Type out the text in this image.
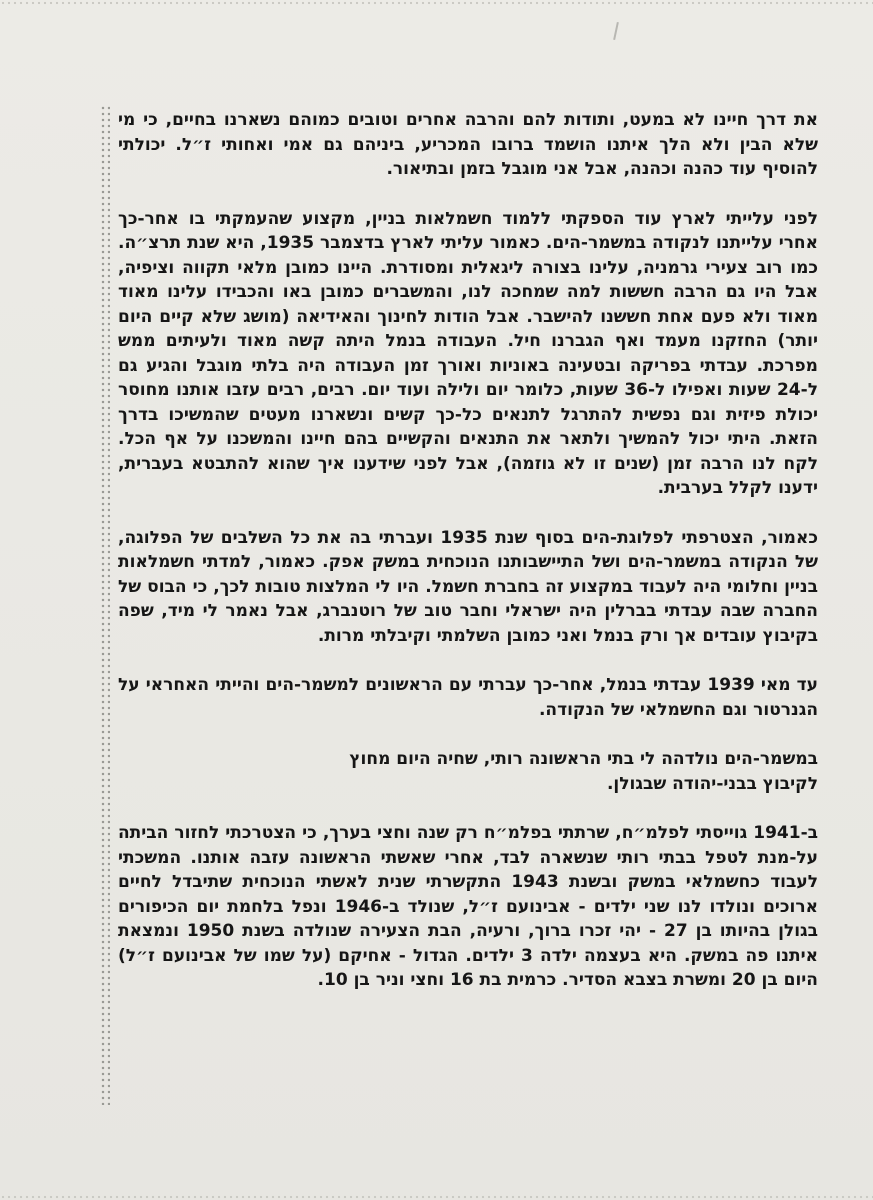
את דרך חיינו לא במעט, ותודות להם והרבה אחרים וטובים כמוהם נשארנו בחיים, כי מי שלא הבין ולא הלך איתנו הושמד ברובו המכריע, ביניהם גם אמי ואחותי ז״ל. יכולתי להוסיף עוד כהנה וכהנה, אבל אני מוגבל בזמן ובתיאור.

לפני עלייתי לארץ עוד הספקתי ללמוד חשמלאות בניין, מקצוע שהעמקתי בו אחר-כך אחרי עלייתנו לנקודה במשמר-הים. כאמור עליתי לארץ בדצמבר 1935, היא שנת תרצ״ה. כמו רוב צעירי גרמניה, עלינו בצורה ליגאלית ומסודרת. היינו כמובן מלאי תקווה וציפיה, אבל היו גם הרבה חששות למה שמחכה לנו, והמשברים כמובן באו והכבידו עלינו מאוד מאוד ולא פעם אחת חששנו להישבר. אבל הודות לחינוך והאידיאה (מושג שלא קיים היום יותר) החזקנו מעמד ואף הגברנו חיל. העבודה בנמל היתה קשה מאוד ולעיתים ממש מפרכת. עבדתי בפריקה ובטעינה באוניות ואורך זמן העבודה היה בלתי מוגבל והגיע גם ל-24 שעות ואפילו ל-36 שעות, כלומר יום ולילה ועוד יום. רבים, רבים עזבו אותנו מחוסר יכולת פיזית וגם נפשית להתרגל לתנאים כל-כך קשים ונשארנו מעטים שהמשיכו בדרך הזאת. היתי יכול להמשיך ולתאר את התנאים והקשיים בהם חיינו והמשכנו על אף הכל. לקח לנו הרבה זמן (שנים זו לא גוזמה), אבל לפני שידענו איך שהוא להתבטא בעברית, ידענו לקלל בערבית.

כאמור, הצטרפתי לפלוגת-הים בסוף שנת 1935 ועברתי בה את כל השלבים של הפלוגה, של הנקודה במשמר-הים ושל התיישבותנו הנוכחית במשק אפק. כאמור, למדתי חשמלאות בניין וחלומי היה לעבוד במקצוע זה בחברת חשמל. היו לי המלצות טובות לכך, כי הבוס של החברה שבה עבדתי בברלין היה ישראלי וחבר טוב של רוטנברג, אבל נאמר לי מיד, שפה בקיבוץ עובדים אך ורק בנמל ואני כמובן השלמתי וקיבלתי מרות.

עד מאי 1939 עבדתי בנמל, אחר-כך עברתי עם הראשונים למשמר-הים והייתי האחראי על הגנרטור וגם החשמלאי של הנקודה.

במשמר-הים נולדהה לי בתי הראשונה רותי, שחיה היום מחוץ לקיבוץ בבני-יהודה שבגולן.

ב-1941 גוייסתי לפלמ״ח, שרתתי בפלמ״ח רק שנה וחצי בערך, כי הצטרכתי לחזור הביתה על-מנת לטפל בבתי רותי שנשארה לבד, אחרי שאשתי הראשונה עזבה אותנו. המשכתי לעבוד כחשמלאי במשק ובשנת 1943 התקשרתי שנית לאשתי הנוכחית שתיבדל לחיים ארוכים ונולדו לנו שני ילדים - אבינועם ז״ל, שנולד ב-1946 ונפל בלחמת יום הכיפורים בגולן בהיותו בן 27 - יהי זכרו ברוך, ורעיה, הבת הצעירה שנולדה בשנת 1950 ונמצאת איתנו פה במשק. היא בעצמה ילדה 3 ילדים. הגדול - אחיקם (על שמו של אבינועם ז״ל) היום בן 20 ומשרת בצבא הסדיר. כרמית בת 16 וחצי וניר בן 10.
